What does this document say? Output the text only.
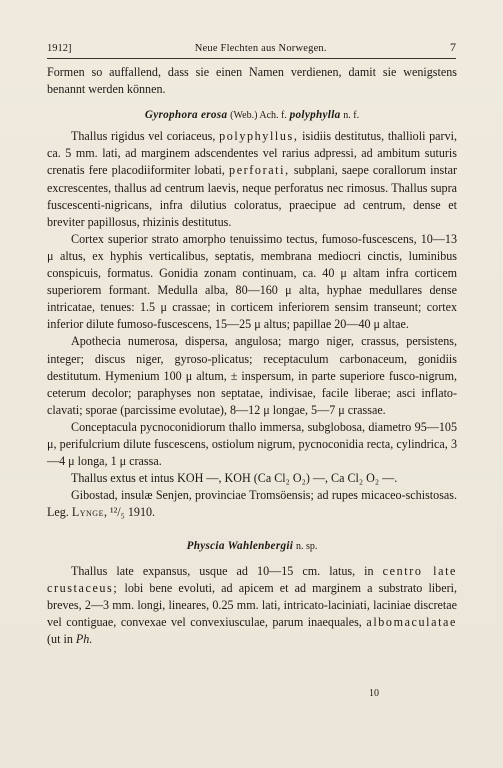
1912]	Neue Flechten aus Norwegen.	7

Formen so auffallend, dass sie einen Namen verdienen, damit sie wenigstens benannt werden können.

Gyrophora erosa (Web.) Ach. f. polyphylla n. f.

Thallus rigidus vel coriaceus, polyphyllus, isidiis destitutus, thallioli parvi, ca. 5 mm. lati, ad marginem adscendentes vel rarius adpressi, ad ambitum suturis crenatis fere placodiiformiter lobati, perforati, subplani, saepe corallorum instar excrescentes, thallus ad centrum laevis, neque perforatus nec rimosus. Thallus supra fuscescenti-nigricans, infra dilutius coloratus, praecipue ad centrum, dense et breviter papillosus, rhizinis destitutus.

Cortex superior strato amorpho tenuissimo tectus, fumoso-fuscescens, 10—13 μ altus, ex hyphis verticalibus, septatis, membrana mediocri cinctis, luminibus conspicuis, formatus. Gonidia zonam continuam, ca. 40 μ altam infra corticem superiorem formant. Medulla alba, 80—160 μ alta, hyphae medullares dense intricatae, tenues: 1.5 μ crassae; in corticem inferiorem sensim transeunt; cortex inferior dilute fumoso-fuscescens, 15—25 μ altus; papillae 20—40 μ altae.

Apothecia numerosa, dispersa, angulosa; margo niger, crassus, persistens, integer; discus niger, gyroso-plicatus; receptaculum carbonaceum, gonidiis destitutum. Hymenium 100 μ altum, ± inspersum, in parte superiore fusco-nigrum, ceterum decolor; paraphyses non septatae, indivisae, facile liberae; asci inflato-clavati; sporae (parcissime evolutae), 8—12 μ longae, 5—7 μ crassae.

Conceptacula pycnoconidiorum thallo immersa, subglobosa, diametro 95—105 μ, perifulcrium dilute fuscescens, ostiolum nigrum, pycnoconidia recta, cylindrica, 3—4 μ longa, 1 μ crassa.

Thallus extus et intus KOH —, KOH (Ca Cl₂ O₂) —, Ca Cl₂ O₂ —.

Gibostad, insulæ Senjen, provinciae Tromsöensis; ad rupes micaceo-schistosas. Leg. Lynge, ¹²/₅ 1910.

Physcia Wahlenbergii n. sp.

Thallus late expansus, usque ad 10—15 cm. latus, in centro late crustaceus; lobi bene evoluti, ad apicem et ad marginem a substrato liberi, breves, 2—3 mm. longi, lineares, 0.25 mm. lati, intricato-laciniati, laciniae discretae vel contiguae, convexae vel convexiusculae, parum inaequales, albomaculatae (ut in Ph.

10
